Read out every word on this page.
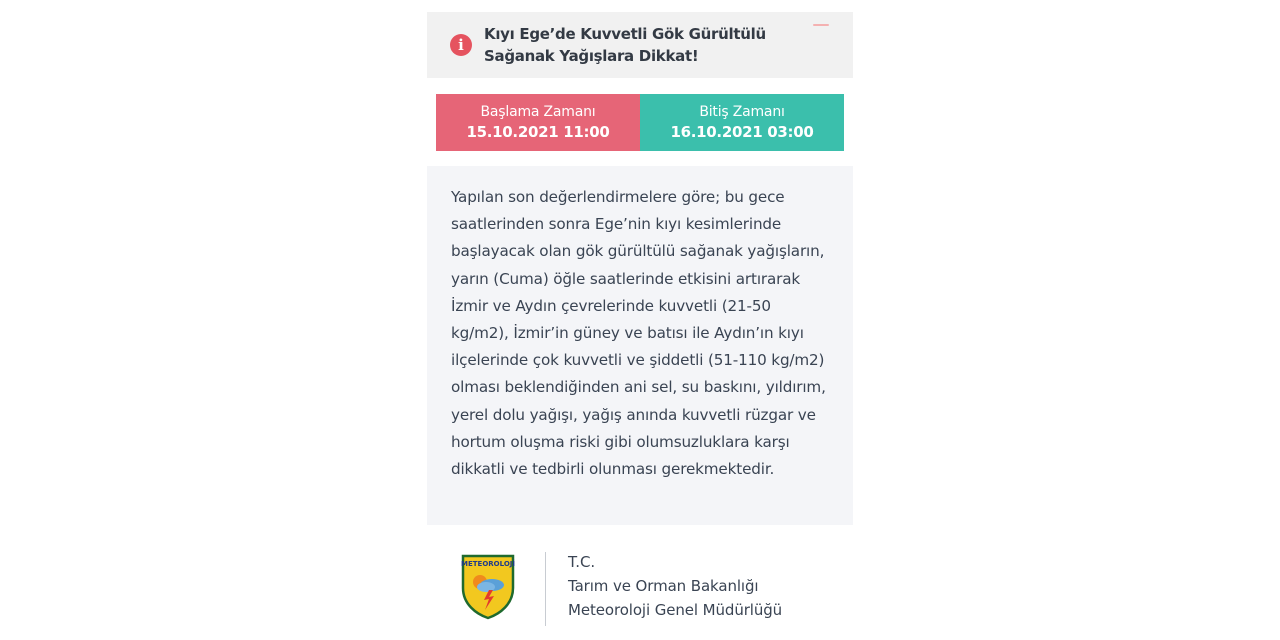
i
Kıyı Ege’de Kuvvetli Gök Gürültülü Sağanak Yağışlara Dikkat!
Başlama Zamanı
15.10.2021 11:00
Bitiş Zamanı
16.10.2021 03:00
Yapılan son değerlendirmelere göre; bu gece saatlerinden sonra Ege’nin kıyı kesimlerinde başlayacak olan gök gürültülü sağanak yağışların, yarın (Cuma) öğle saatlerinde etkisini artırarak İzmir ve Aydın çevrelerinde kuvvetli (21-50 kg/m2), İzmir’in güney ve batısı ile Aydın’ın kıyı ilçelerinde çok kuvvetli ve şiddetli (51-110 kg/m2) olması beklendiğinden ani sel, su baskını, yıldırım, yerel dolu yağışı, yağış anında kuvvetli rüzgar ve hortum oluşma riski gibi olumsuzluklara karşı dikkatli ve tedbirli olunması gerekmektedir.
METEOROLOJİ	T.C.
Tarım ve Orman Bakanlığı
Meteoroloji Genel Müdürlüğü
